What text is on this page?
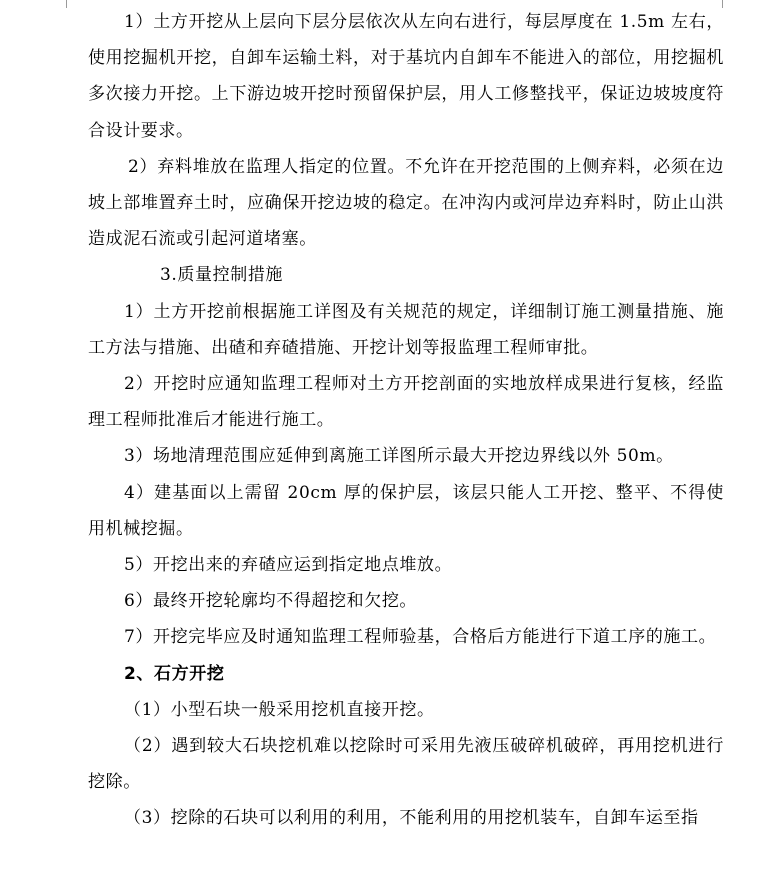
1）土方开挖从上层向下层分层依次从左向右进行，每层厚度在 1.5m 左右，使用挖掘机开挖，自卸车运输土料，对于基坑内自卸车不能进入的部位，用挖掘机多次接力开挖。上下游边坡开挖时预留保护层，用人工修整找平，保证边坡坡度符合设计要求。

2）弃料堆放在监理人指定的位置。不允许在开挖范围的上侧弃料，必须在边坡上部堆置弃土时，应确保开挖边坡的稳定。在冲沟内或河岸边弃料时，防止山洪造成泥石流或引起河道堵塞。

3.质量控制措施

1）土方开挖前根据施工详图及有关规范的规定，详细制订施工测量措施、施工方法与措施、出碴和弃碴措施、开挖计划等报监理工程师审批。

2）开挖时应通知监理工程师对土方开挖剖面的实地放样成果进行复核，经监理工程师批准后才能进行施工。

3）场地清理范围应延伸到离施工详图所示最大开挖边界线以外 50m。

4）建基面以上需留 20cm 厚的保护层，该层只能人工开挖、整平、不得使用机械挖掘。

5）开挖出来的弃碴应运到指定地点堆放。

6）最终开挖轮廓均不得超挖和欠挖。

7）开挖完毕应及时通知监理工程师验基，合格后方能进行下道工序的施工。

2、石方开挖

（1）小型石块一般采用挖机直接开挖。

（2）遇到较大石块挖机难以挖除时可采用先液压破碎机破碎，再用挖机进行挖除。

（3）挖除的石块可以利用的利用，不能利用的用挖机装车，自卸车运至指
